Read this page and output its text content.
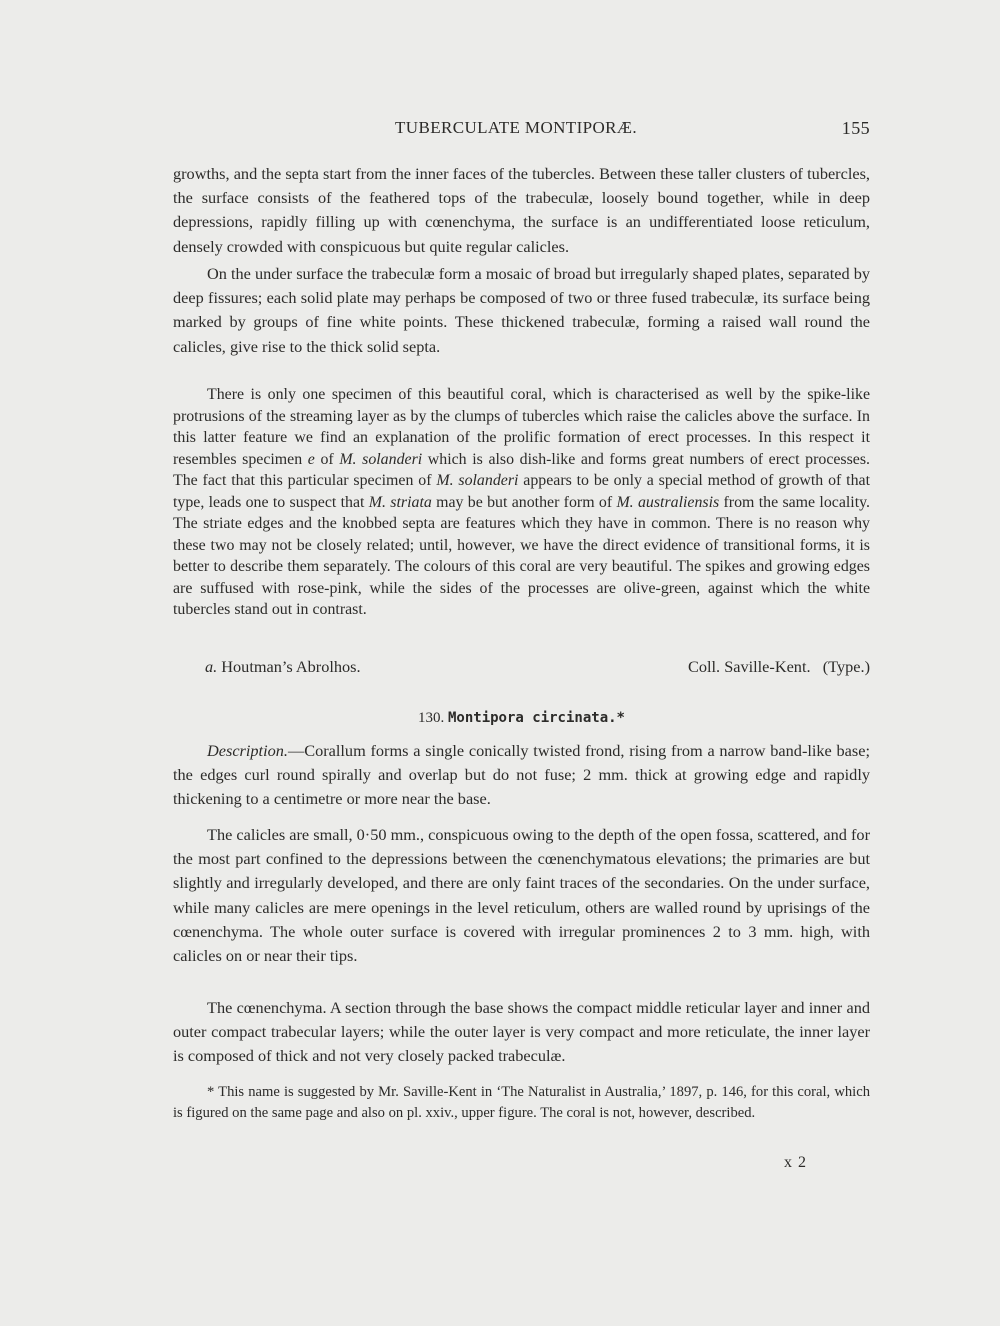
TUBERCULATE MONTIPORÆ.	155

growths, and the septa start from the inner faces of the tubercles. Between these taller clusters of tubercles, the surface consists of the feathered tops of the trabeculæ, loosely bound together, while in deep depressions, rapidly filling up with cœnenchyma, the surface is an undifferentiated loose reticulum, densely crowded with conspicuous but quite regular calicles.

On the under surface the trabeculæ form a mosaic of broad but irregularly shaped plates, separated by deep fissures; each solid plate may perhaps be composed of two or three fused trabeculæ, its surface being marked by groups of fine white points. These thickened trabeculæ, forming a raised wall round the calicles, give rise to the thick solid septa.

There is only one specimen of this beautiful coral, which is characterised as well by the spike-like protrusions of the streaming layer as by the clumps of tubercles which raise the calicles above the surface. In this latter feature we find an explanation of the prolific formation of erect processes. In this respect it resembles specimen e of M. solanderi which is also dish-like and forms great numbers of erect processes. The fact that this particular specimen of M. solanderi appears to be only a special method of growth of that type, leads one to suspect that M. striata may be but another form of M. australiensis from the same locality. The striate edges and the knobbed septa are features which they have in common. There is no reason why these two may not be closely related; until, however, we have the direct evidence of transitional forms, it is better to describe them separately. The colours of this coral are very beautiful. The spikes and growing edges are suffused with rose-pink, while the sides of the processes are olive-green, against which the white tubercles stand out in contrast.

a. Houtman’s Abrolhos.	Coll. Saville-Kent.   (Type.)
130. Montipora circinata.*

Description.—Corallum forms a single conically twisted frond, rising from a narrow band-like base; the edges curl round spirally and overlap but do not fuse; 2 mm. thick at growing edge and rapidly thickening to a centimetre or more near the base.

The calicles are small, 0·50 mm., conspicuous owing to the depth of the open fossa, scattered, and for the most part confined to the depressions between the cœnenchymatous elevations; the primaries are but slightly and irregularly developed, and there are only faint traces of the secondaries. On the under surface, while many calicles are mere openings in the level reticulum, others are walled round by uprisings of the cœnenchyma. The whole outer surface is covered with irregular prominences 2 to 3 mm. high, with calicles on or near their tips.

The cœnenchyma. A section through the base shows the compact middle reticular layer and inner and outer compact trabecular layers; while the outer layer is very compact and more reticulate, the inner layer is composed of thick and not very closely packed trabeculæ.

* This name is suggested by Mr. Saville-Kent in ‘The Naturalist in Australia,’ 1897, p. 146, for this coral, which is figured on the same page and also on pl. xxiv., upper figure. The coral is not, however, described.

x 2
